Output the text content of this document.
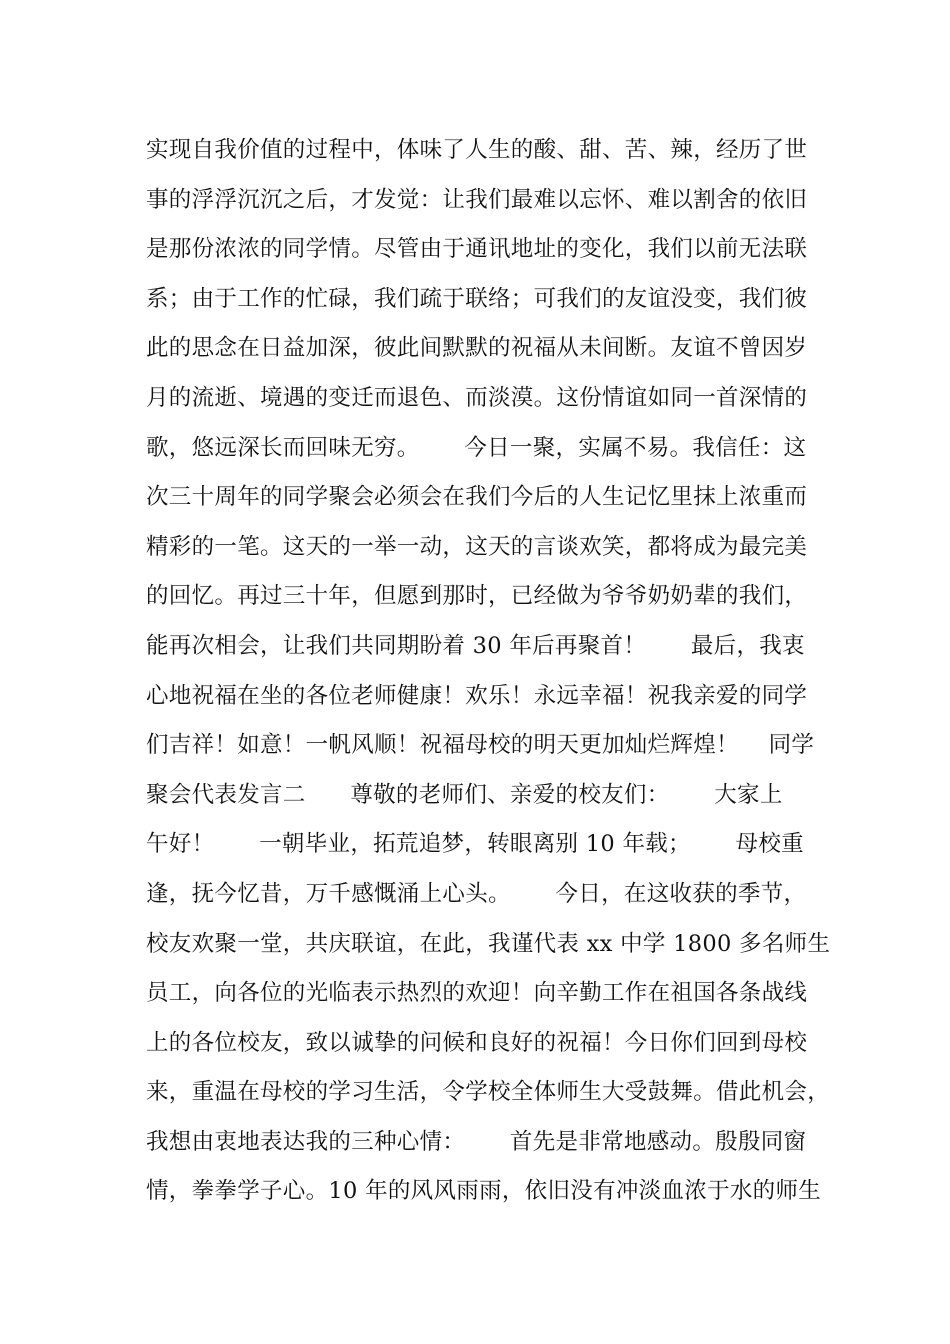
实现自我价值的过程中，体味了人生的酸、甜、苦、辣，经历了世
事的浮浮沉沉之后，才发觉：让我们最难以忘怀、难以割舍的依旧
是那份浓浓的同学情。尽管由于通讯地址的变化，我们以前无法联
系；由于工作的忙碌，我们疏于联络；可我们的友谊没变，我们彼
此的思念在日益加深，彼此间默默的祝福从未间断。友谊不曾因岁
月的流逝、境遇的变迁而退色、而淡漠。这份情谊如同一首深情的
歌，悠远深长而回味无穷。      今日一聚，实属不易。我信任：这
次三十周年的同学聚会必须会在我们今后的人生记忆里抹上浓重而
精彩的一笔。这天的一举一动，这天的言谈欢笑，都将成为最完美
的回忆。再过三十年，但愿到那时，已经做为爷爷奶奶辈的我们，
能再次相会，让我们共同期盼着 30 年后再聚首！      最后，我衷
心地祝福在坐的各位老师健康！欢乐！永远幸福！祝我亲爱的同学
们吉祥！如意！一帆风顺！祝福母校的明天更加灿烂辉煌！    同学
聚会代表发言二      尊敬的老师们、亲爱的校友们：      大家上
午好！      一朝毕业，拓荒追梦，转眼离别 10 年载；      母校重
逢，抚今忆昔，万千感慨涌上心头。      今日，在这收获的季节，
校友欢聚一堂，共庆联谊，在此，我谨代表 xx 中学 1800 多名师生
员工，向各位的光临表示热烈的欢迎！向辛勤工作在祖国各条战线
上的各位校友，致以诚挚的问候和良好的祝福！今日你们回到母校
来，重温在母校的学习生活，令学校全体师生大受鼓舞。借此机会，
我想由衷地表达我的三种心情：      首先是非常地感动。殷殷同窗
情，拳拳学子心。10 年的风风雨雨，依旧没有冲淡血浓于水的师生
